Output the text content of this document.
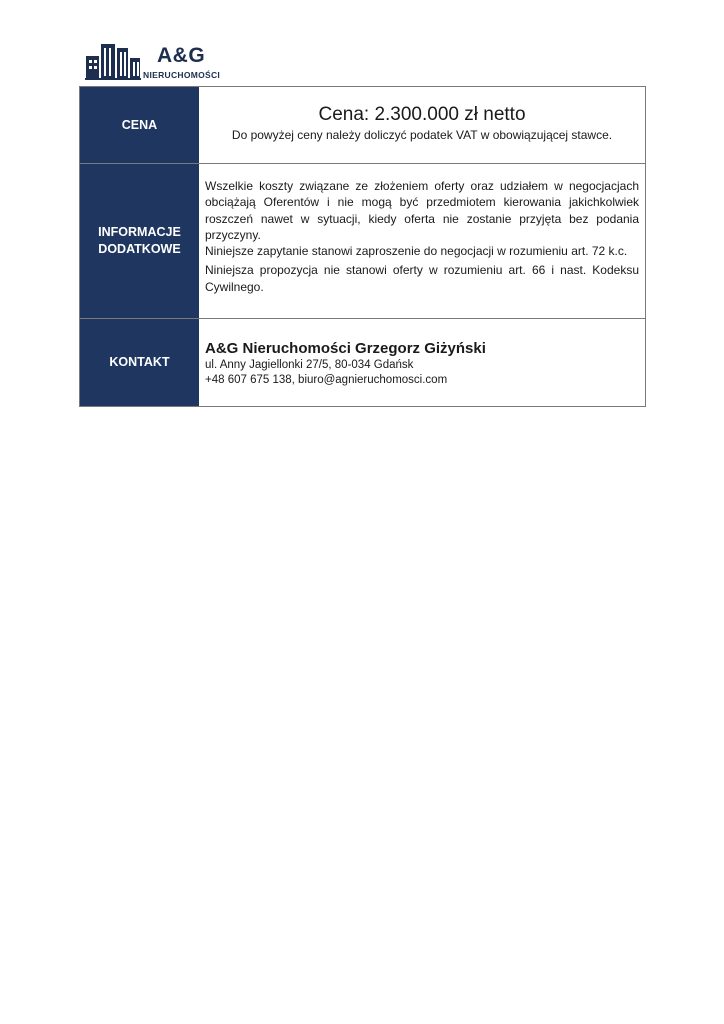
A&G
NIERUCHOMOŚCI
CENA	Cena: 2.300.000 zł netto
Do powyżej ceny należy doliczyć podatek VAT w obowiązującej stawce.
INFORMACJE
DODATKOWE

Wszelkie koszty związane ze złożeniem oferty oraz udziałem w negocjacjach obciążają Oferentów i nie mogą być przedmiotem kierowania jakichkolwiek roszczeń nawet w sytuacji, kiedy oferta nie zostanie przyjęta bez podania przyczyny.

Niniejsze zapytanie stanowi zaproszenie do negocjacji w rozumieniu art. 72 k.c.

Niniejsza propozycja nie stanowi oferty w rozumieniu art. 66 i nast. Kodeksu Cywilnego.

KONTAKT
A&G Nieruchomości Grzegorz Giżyński
ul. Anny Jagiellonki 27/5, 80-034 Gdańsk
+48 607 675 138, biuro@agnieruchomosci.com
